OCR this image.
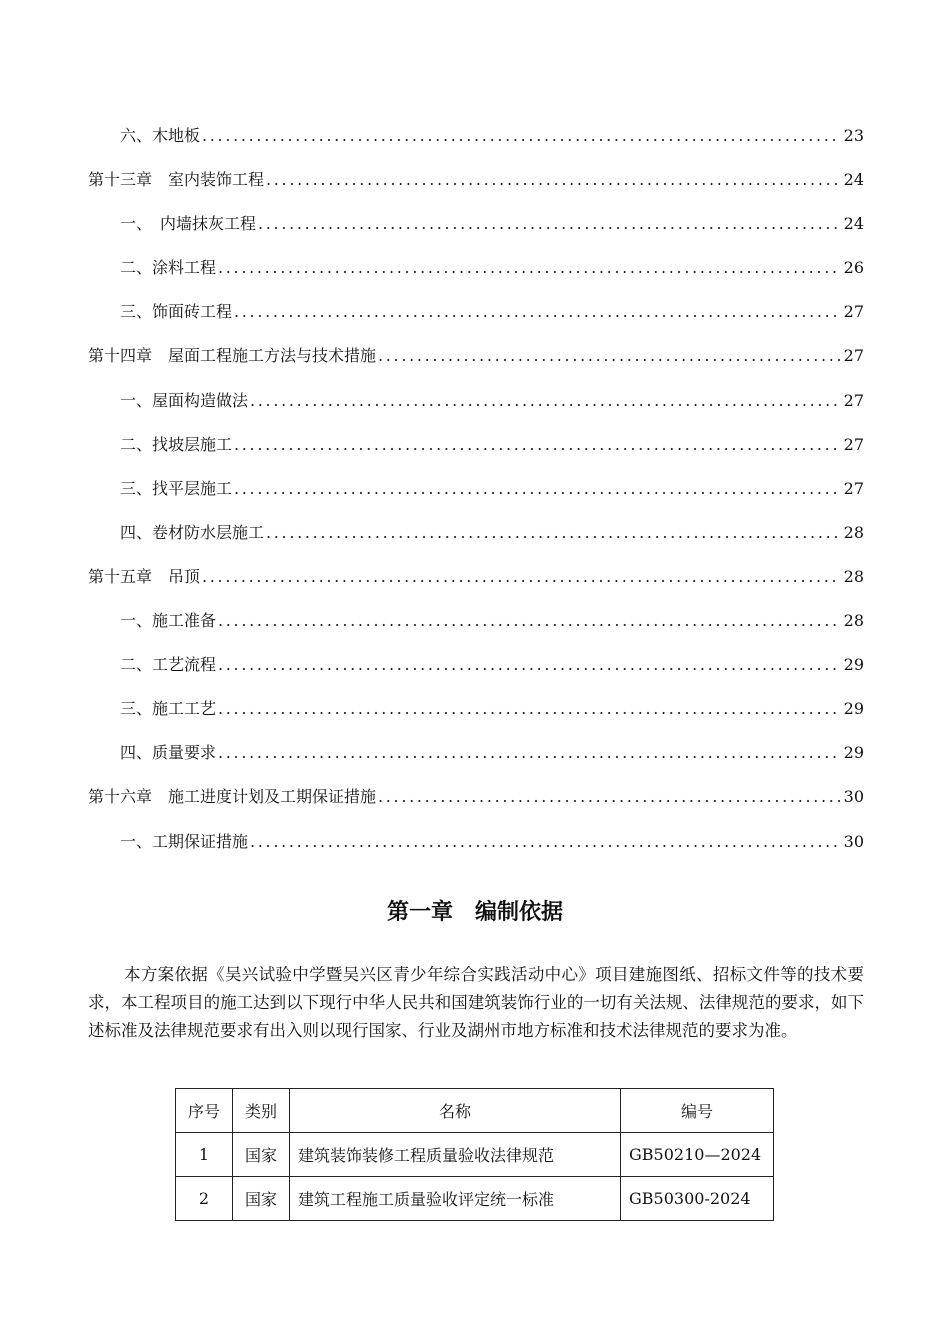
六、木地板 . . .	23
第十三章　室内装饰工程 . . .	24
一、　内墙抹灰工程 . . .	24
二、涂料工程 . . .	26
三、饰面砖工程 . . .	27
第十四章　屋面工程施工方法与技术措施 . . .	27
一、屋面构造做法 . . .	27
二、找坡层施工 . . .	27
三、找平层施工 . . .	27
四、卷材防水层施工 . . .	28
第十五章　吊顶 . . .	28
一、施工准备 . . .	28
二、工艺流程 . . .	29
三、施工工艺 . . .	29
四、质量要求 . . .	29
第十六章　施工进度计划及工期保证措施 . . .	30
一、工期保证措施 . . .	30
第一章　编制依据

本方案依据《吴兴试验中学暨吴兴区青少年综合实践活动中心》项目建施图纸、招标文件等的技术要求，本工程项目的施工达到以下现行中华人民共和国建筑装饰行业的一切有关法规、法律规范的要求，如下述标准及法律规范要求有出入则以现行国家、行业及湖州市地方标准和技术法律规范的要求为准。

序号	类别	名称	编号
1	国家	建筑装饰装修工程质量验收法律规范	GB50210—2024
2	国家	建筑工程施工质量验收评定统一标准	GB50300-2024
